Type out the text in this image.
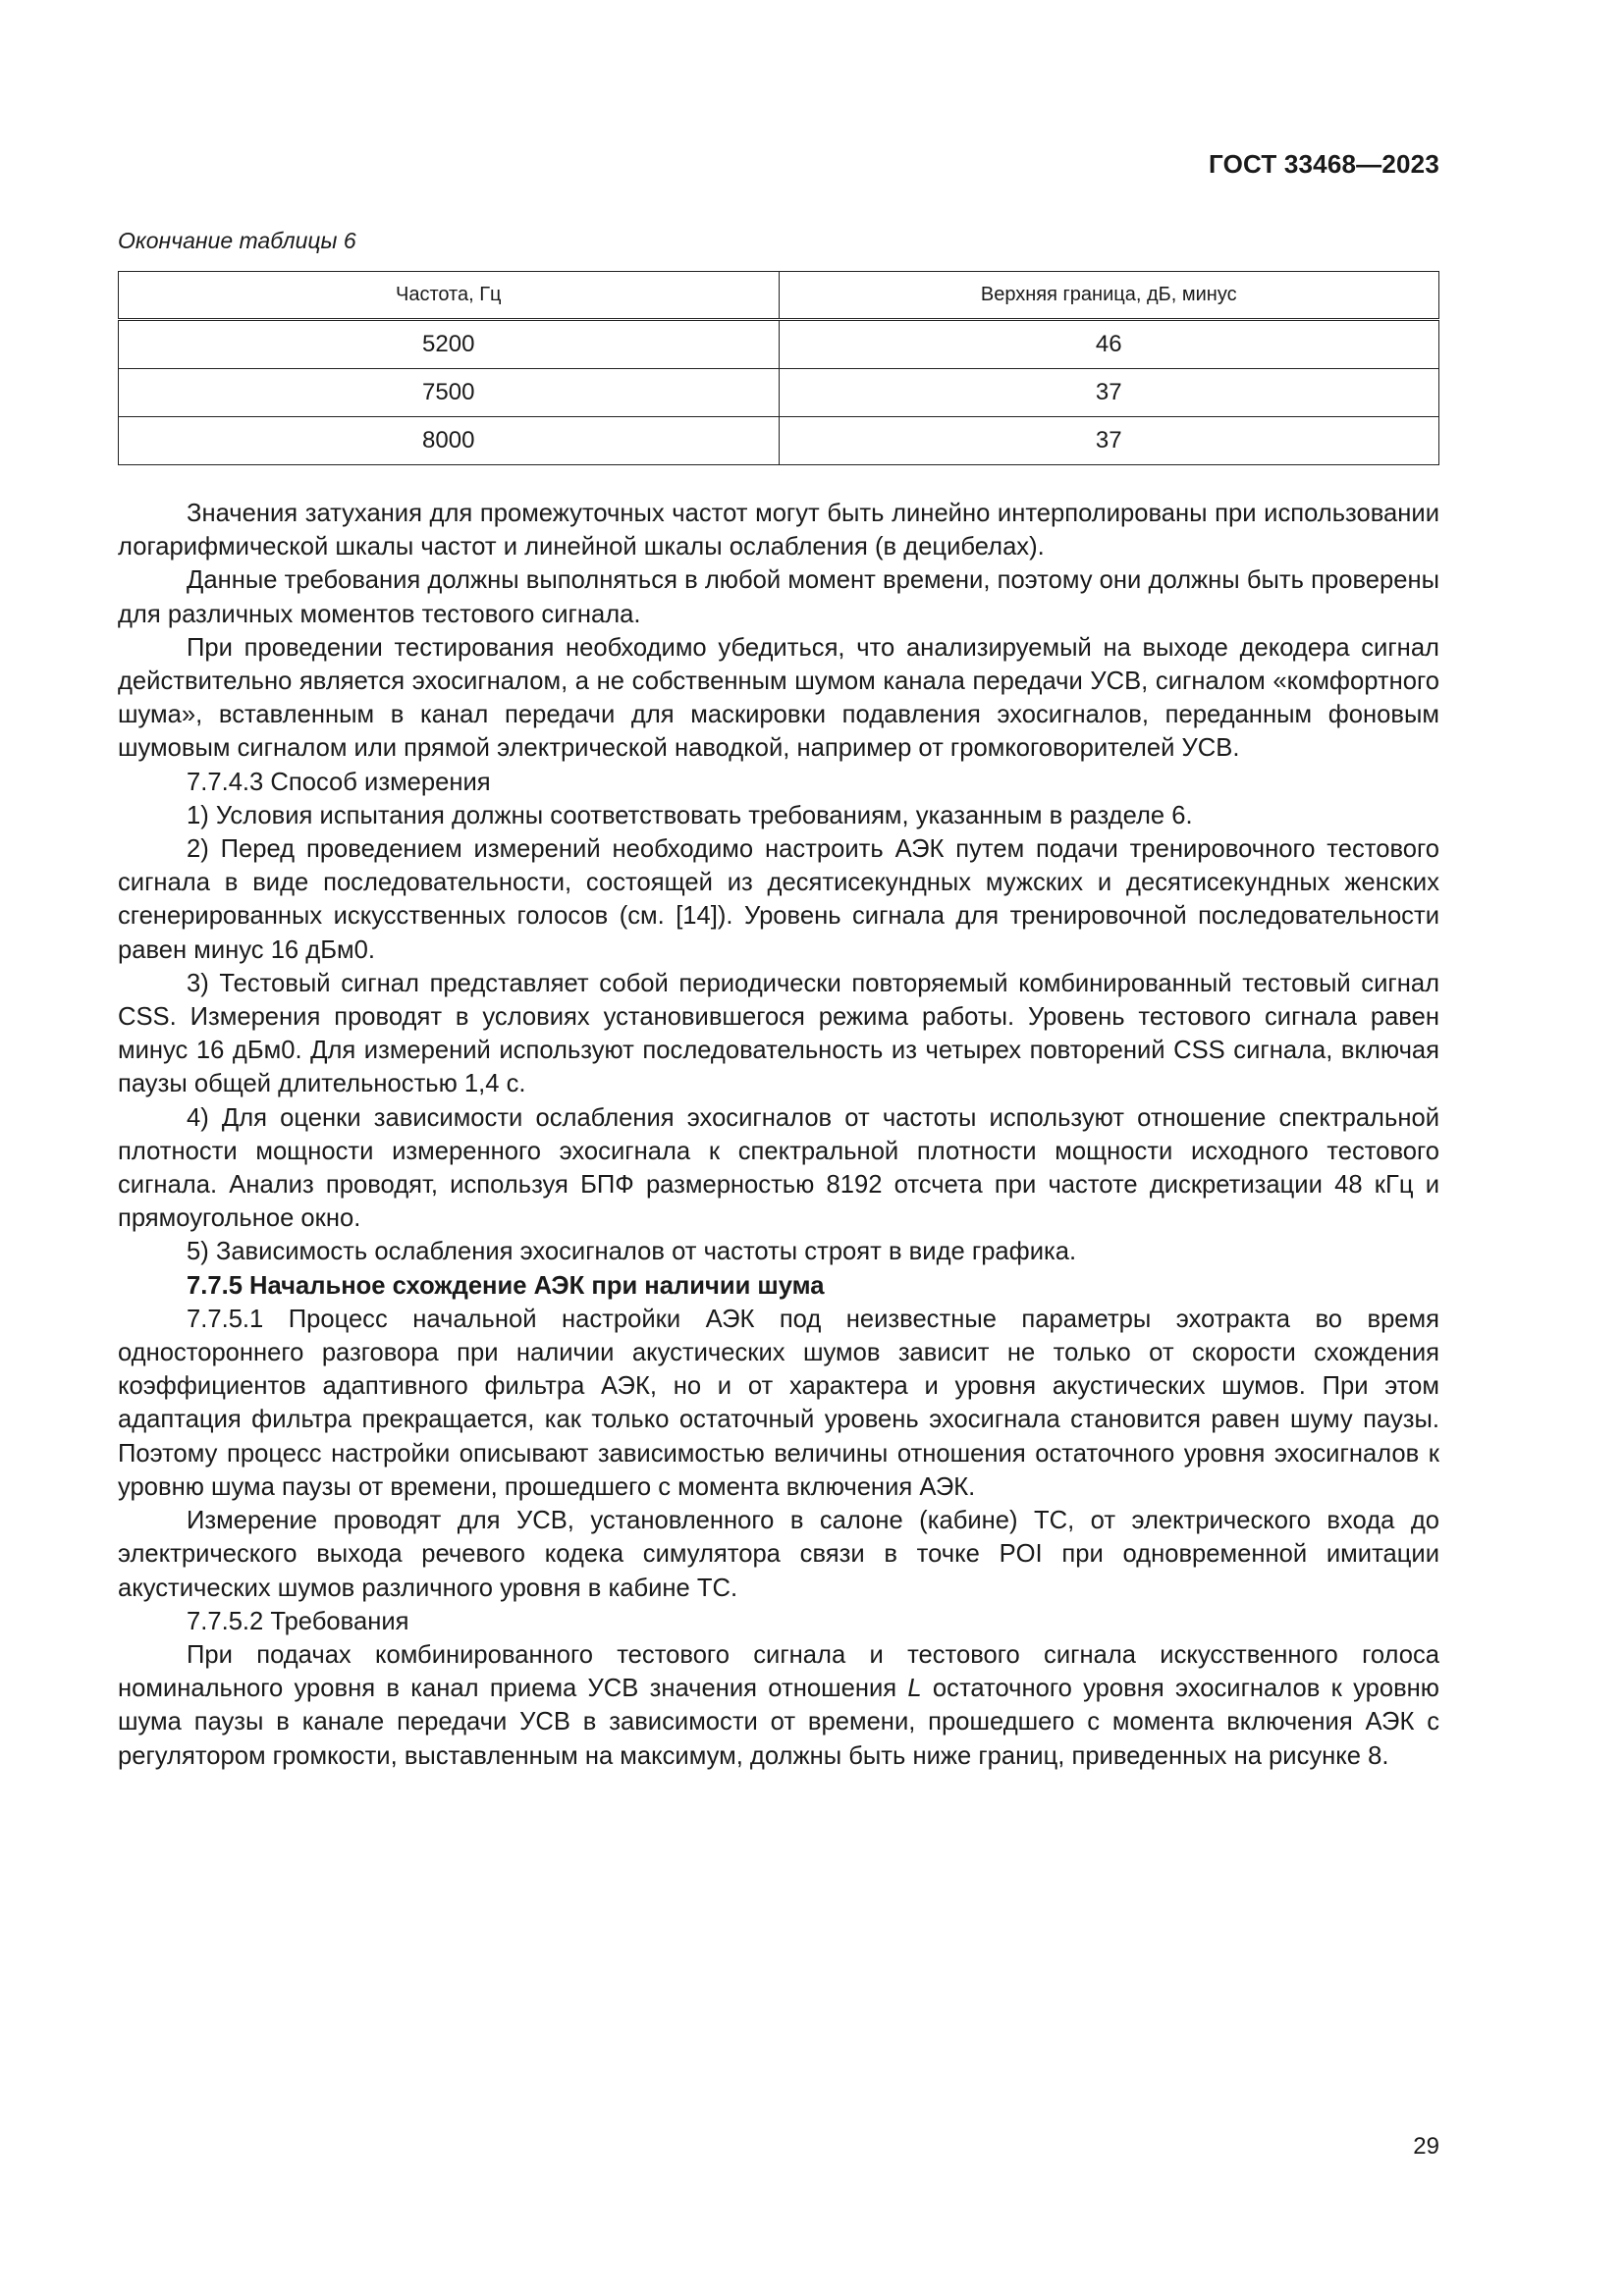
ГОСТ 33468—2023
Окончание таблицы 6
Частота, Гц	Верхняя граница, дБ, минус
5200	46
7500	37
8000	37

Значения затухания для промежуточных частот могут быть линейно интерполированы при использовании логарифмической шкалы частот и линейной шкалы ослабления (в децибелах).

Данные требования должны выполняться в любой момент времени, поэтому они должны быть проверены для различных моментов тестового сигнала.

При проведении тестирования необходимо убедиться, что анализируемый на выходе декодера сигнал действительно является эхосигналом, а не собственным шумом канала передачи УСВ, сигналом «комфортного шума», вставленным в канал передачи для маскировки подавления эхосигналов, переданным фоновым шумовым сигналом или прямой электрической наводкой, например от громкоговорителей УСВ.

7.7.4.3 Способ измерения

1) Условия испытания должны соответствовать требованиям, указанным в разделе 6.

2) Перед проведением измерений необходимо настроить АЭК путем подачи тренировочного тестового сигнала в виде последовательности, состоящей из десятисекундных мужских и десятисекундных женских сгенерированных искусственных голосов (см. [14]). Уровень сигнала для тренировочной последовательности равен минус 16 дБм0.

3) Тестовый сигнал представляет собой периодически повторяемый комбинированный тестовый сигнал CSS. Измерения проводят в условиях установившегося режима работы. Уровень тестового сигнала равен минус 16 дБм0. Для измерений используют последовательность из четырех повторений CSS сигнала, включая паузы общей длительностью 1,4 с.

4) Для оценки зависимости ослабления эхосигналов от частоты используют отношение спектральной плотности мощности измеренного эхосигнала к спектральной плотности мощности исходного тестового сигнала. Анализ проводят, используя БПФ размерностью 8192 отсчета при частоте дискретизации 48 кГц и прямоугольное окно.

5) Зависимость ослабления эхосигналов от частоты строят в виде графика.

7.7.5 Начальное схождение АЭК при наличии шума

7.7.5.1 Процесс начальной настройки АЭК под неизвестные параметры эхотракта во время одностороннего разговора при наличии акустических шумов зависит не только от скорости схождения коэффициентов адаптивного фильтра АЭК, но и от характера и уровня акустических шумов. При этом адаптация фильтра прекращается, как только остаточный уровень эхосигнала становится равен шуму паузы. Поэтому процесс настройки описывают зависимостью величины отношения остаточного уровня эхосигналов к уровню шума паузы от времени, прошедшего с момента включения АЭК.

Измерение проводят для УСВ, установленного в салоне (кабине) ТС, от электрического входа до электрического выхода речевого кодека симулятора связи в точке POI при одновременной имитации акустических шумов различного уровня в кабине ТС.

7.7.5.2 Требования

При подачах комбинированного тестового сигнала и тестового сигнала искусственного голоса номинального уровня в канал приема УСВ значения отношения L остаточного уровня эхосигналов к уровню шума паузы в канале передачи УСВ в зависимости от времени, прошедшего с момента включения АЭК с регулятором громкости, выставленным на максимум, должны быть ниже границ, приведенных на рисунке 8.

29
